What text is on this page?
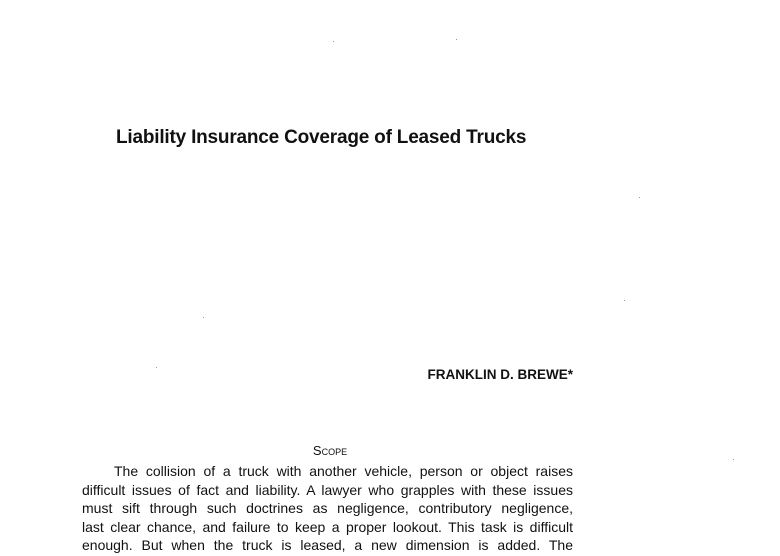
Liability Insurance Coverage of Leased Trucks
FRANKLIN D. BREWE*
Scope
The collision of a truck with another vehicle, person or object raises
difficult issues of fact and liability. A lawyer who grapples with these issues
must sift through such doctrines as negligence, contributory negligence,
last clear chance, and failure to keep a proper lookout. This task is difficult
enough. But when the truck is leased, a new dimension is added. The
